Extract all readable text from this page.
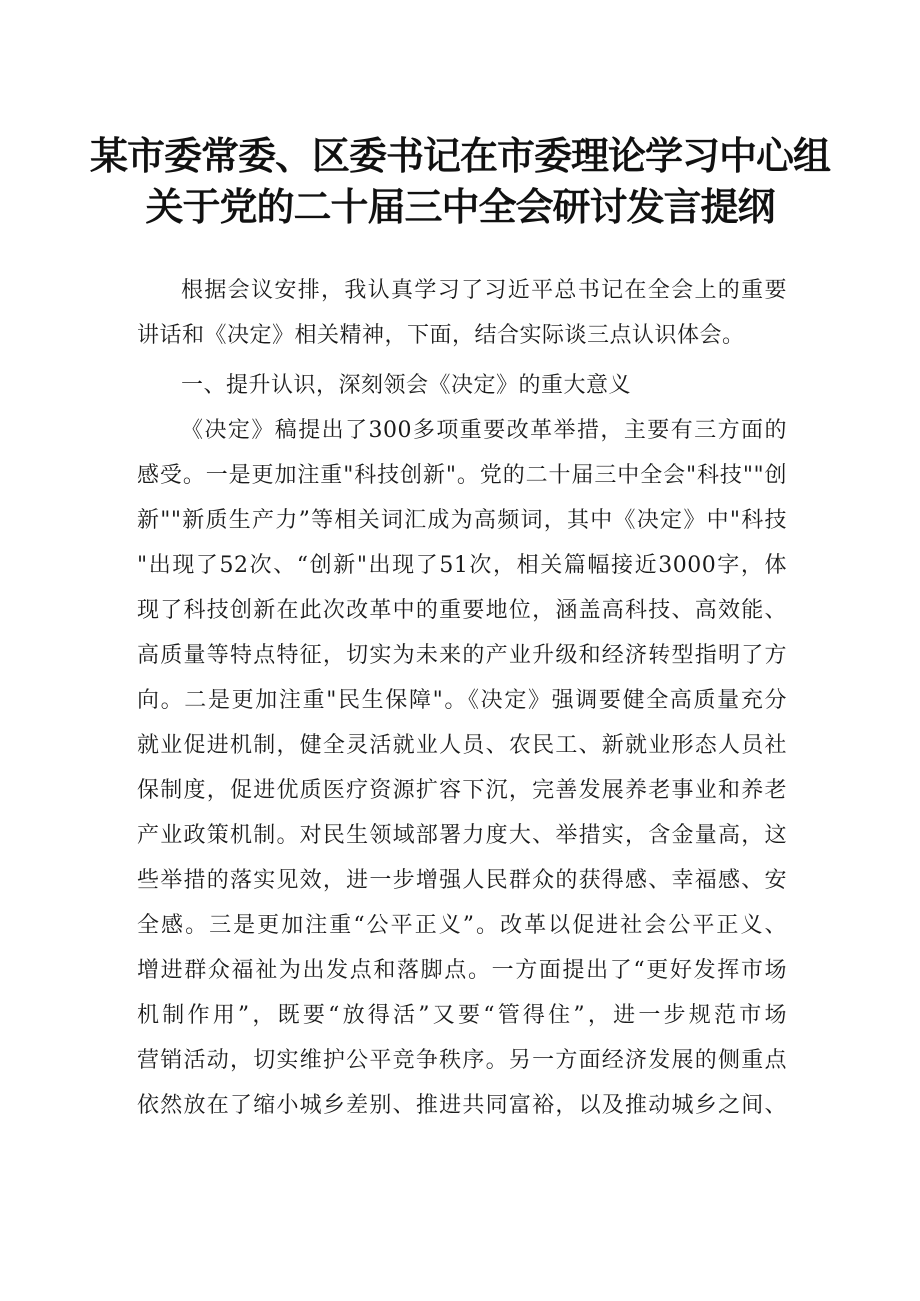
某市委常委、区委书记在市委理论学习中心组
关于党的二十届三中全会研讨发言提纲
根据会议安排，我认真学习了习近平总书记在全会上的重要
讲话和《决定》相关精神，下面，结合实际谈三点认识体会。
一、提升认识，深刻领会《决定》的重大意义
《决定》稿提出了300多项重要改革举措，主要有三方面的
感受。一是更加注重"科技创新"。党的二十届三中全会"科技""创
新""新质生产力”等相关词汇成为高频词，其中《决定》中"科技
"出现了52次、“创新"出现了51次，相关篇幅接近3000字，体
现了科技创新在此次改革中的重要地位，涵盖高科技、高效能、
高质量等特点特征，切实为未来的产业升级和经济转型指明了方
向。二是更加注重"民生保障"。《决定》强调要健全高质量充分
就业促进机制，健全灵活就业人员、农民工、新就业形态人员社
保制度，促进优质医疗资源扩容下沉，完善发展养老事业和养老
产业政策机制。对民生领域部署力度大、举措实，含金量高，这
些举措的落实见效，进一步增强人民群众的获得感、幸福感、安
全感。三是更加注重“公平正义”。改革以促进社会公平正义、
增进群众福祉为出发点和落脚点。一方面提出了“更好发挥市场
机制作用”，既要“放得活”又要“管得住”，进一步规范市场
营销活动，切实维护公平竞争秩序。另一方面经济发展的侧重点
依然放在了缩小城乡差别、推进共同富裕，以及推动城乡之间、
